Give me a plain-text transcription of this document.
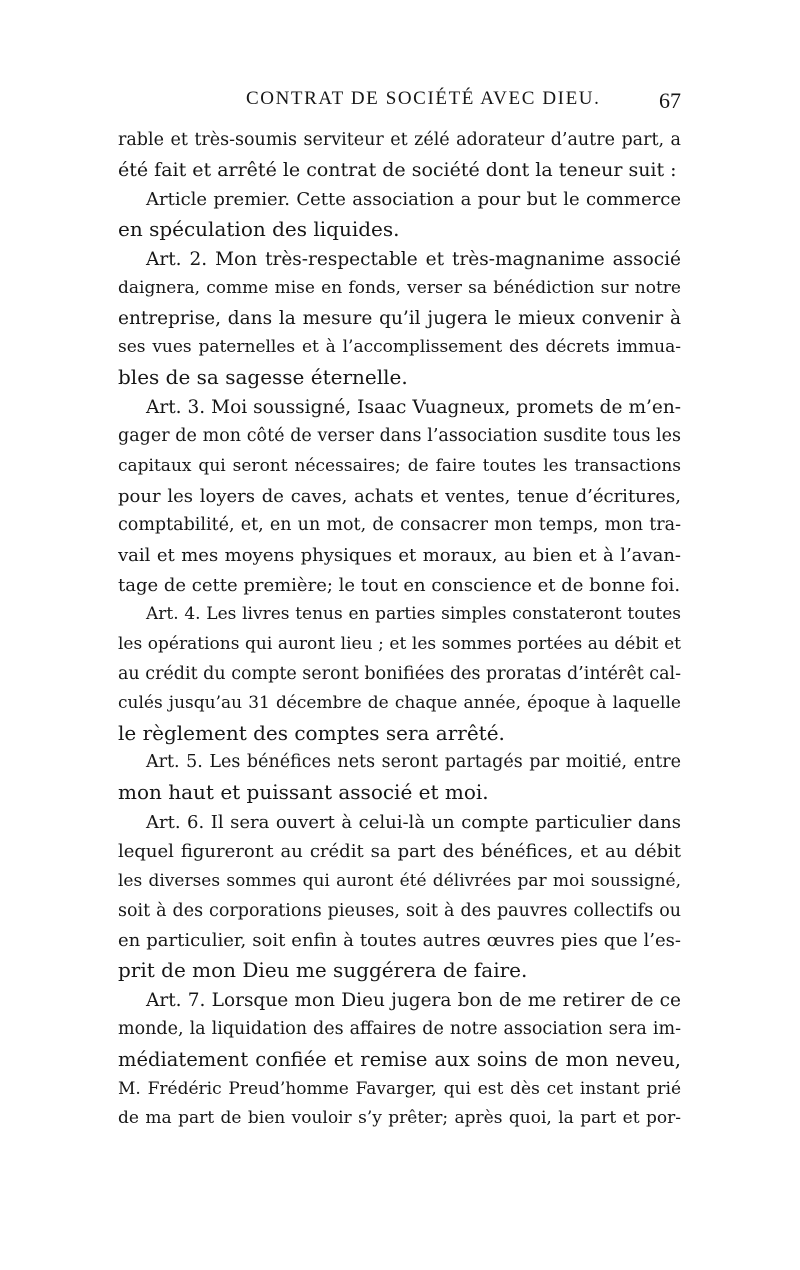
CONTRAT DE SOCIÉTÉ AVEC DIEU.	67
rable et très-soumis serviteur et zélé adorateur d’autre part, a
été fait et arrêté le contrat de société dont la teneur suit :
Article premier. Cette association a pour but le commerce
en spéculation des liquides.
Art. 2. Mon très-respectable et très-magnanime associé
daignera, comme mise en fonds, verser sa bénédiction sur notre
entreprise, dans la mesure qu’il jugera le mieux convenir à
ses vues paternelles et à l’accomplissement des décrets immua-
bles de sa sagesse éternelle.
Art. 3. Moi soussigné, Isaac Vuagneux, promets de m’en-
gager de mon côté de verser dans l’association susdite tous les
capitaux qui seront nécessaires; de faire toutes les transactions
pour les loyers de caves, achats et ventes, tenue d’écritures,
comptabilité, et, en un mot, de consacrer mon temps, mon tra-
vail et mes moyens physiques et moraux, au bien et à l’avan-
tage de cette première; le tout en conscience et de bonne foi.
Art. 4. Les livres tenus en parties simples constateront toutes
les opérations qui auront lieu ; et les sommes portées au débit et
au crédit du compte seront bonifiées des proratas d’intérêt cal-
culés jusqu’au 31 décembre de chaque année, époque à laquelle
le règlement des comptes sera arrêté.
Art. 5. Les bénéfices nets seront partagés par moitié, entre
mon haut et puissant associé et moi.
Art. 6. Il sera ouvert à celui-là un compte particulier dans
lequel figureront au crédit sa part des bénéfices, et au débit
les diverses sommes qui auront été délivrées par moi soussigné,
soit à des corporations pieuses, soit à des pauvres collectifs ou
en particulier, soit enfin à toutes autres œuvres pies que l’es-
prit de mon Dieu me suggérera de faire.
Art. 7. Lorsque mon Dieu jugera bon de me retirer de ce
monde, la liquidation des affaires de notre association sera im-
médiatement confiée et remise aux soins de mon neveu,
M. Frédéric Preud’homme Favarger, qui est dès cet instant prié
de ma part de bien vouloir s’y prêter; après quoi, la part et por-
